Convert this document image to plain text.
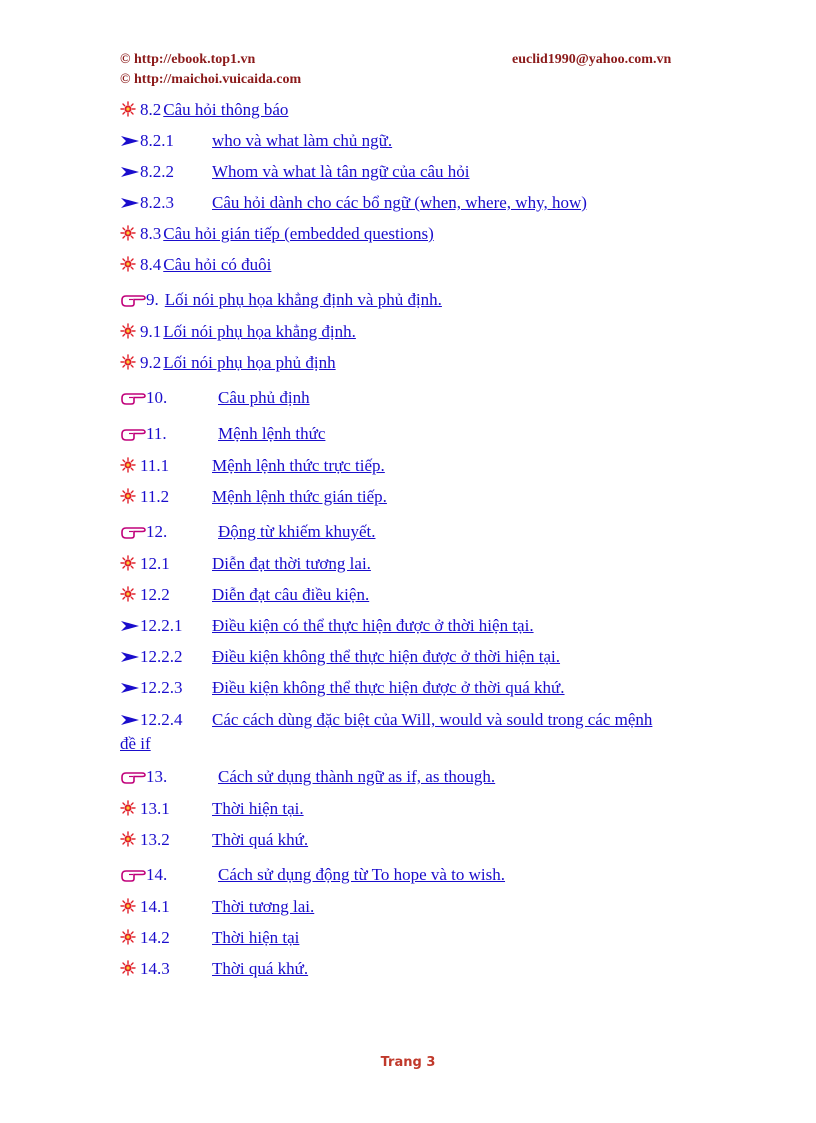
© http://ebook.top1.vn
© http://maichoi.vuicaida.com
euclid1990@yahoo.com.vn
8.2 Câu hỏi thông báo
8.2.1 who và what làm chủ ngữ.
8.2.2 Whom và what là tân ngữ của câu hỏi
8.2.3 Câu hỏi dành cho các bổ ngữ (when, where, why, how)
8.3 Câu hỏi gián tiếp (embedded questions)
8.4 Câu hỏi có đuôi
9. Lối nói phụ họa khẳng định và phủ định.
9.1 Lối nói phụ họa khẳng định.
9.2 Lối nói phụ họa phủ định
10.	Câu phủ định
11.	Mệnh lệnh thức
11.1	Mệnh lệnh thức trực tiếp.
11.2	Mệnh lệnh thức gián tiếp.
12.	Động từ khiếm khuyết.
12.1 Diễn đạt thời tương lai.
12.2 Diễn đạt câu điều kiện.
12.2.1 Điều kiện có thể thực hiện được ở thời hiện tại.
12.2.2 Điều kiện không thể thực hiện được ở thời hiện tại.
12.2.3 Điều kiện không thể thực hiện được ở thời quá khứ.
12.2.4 Các cách dùng đặc biệt của Will, would và sould trong các mệnh đề if
13.	Cách sử dụng thành ngữ as if, as though.
13.1 Thời hiện tại.
13.2 Thời quá khứ.
14.	Cách sử dụng động từ To hope và to wish.
14.1 Thời tương lai.
14.2 Thời hiện tại
14.3 Thời quá khứ.
Trang 3
